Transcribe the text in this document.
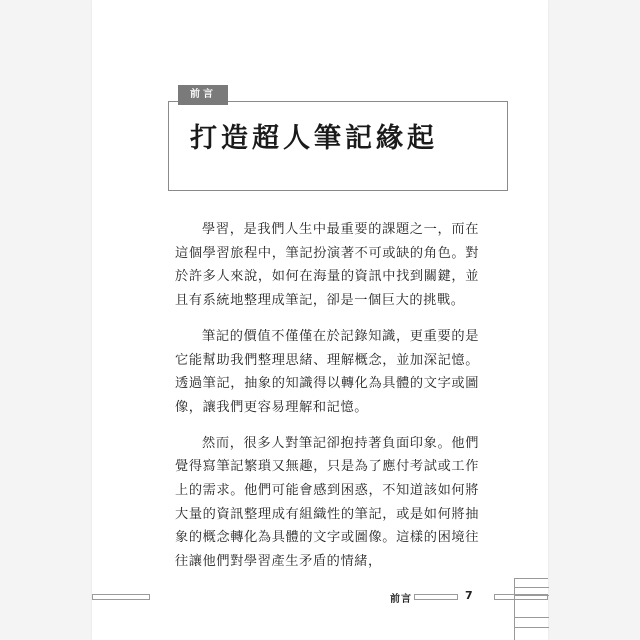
前言
打造超人筆記緣起

學習，是我們人生中最重要的課題之一，而在這個學習旅程中，筆記扮演著不可或缺的角色。對於許多人來說，如何在海量的資訊中找到關鍵，並且有系統地整理成筆記，卻是一個巨大的挑戰。

筆記的價值不僅僅在於記錄知識，更重要的是它能幫助我們整理思緒、理解概念，並加深記憶。透過筆記，抽象的知識得以轉化為具體的文字或圖像，讓我們更容易理解和記憶。

然而，很多人對筆記卻抱持著負面印象。他們覺得寫筆記繁瑣又無趣，只是為了應付考試或工作上的需求。他們可能會感到困惑，不知道該如何將大量的資訊整理成有組織性的筆記，或是如何將抽象的概念轉化為具體的文字或圖像。這樣的困境往往讓他們對學習產生矛盾的情緒，

前言	7
